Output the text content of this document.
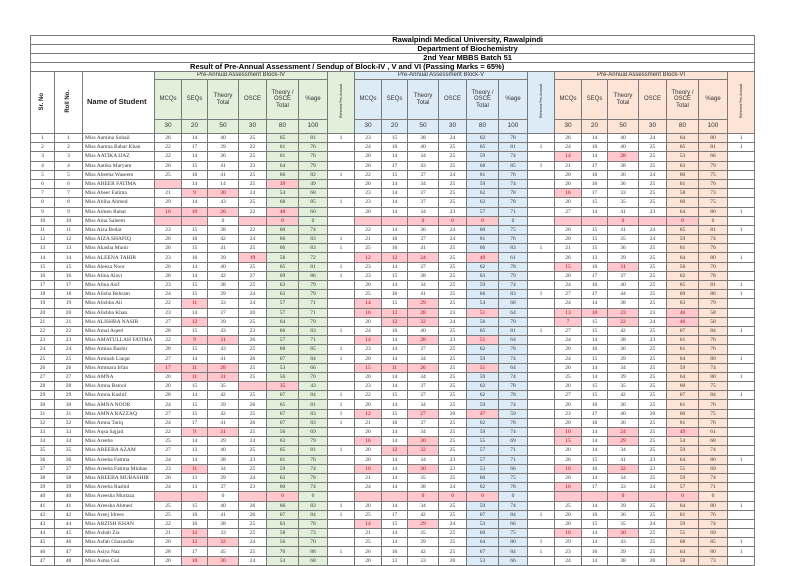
Rawalpindi Medical University, Rawalpindi																							
Department of Biochemistry																							
2nd Year MBBS Batch 51																							
Result of Pre-Annual Assessment / Sendup of Block-IV , V and VI (Passing Marks = 65%)																							
Sr. No	Roll No.	Name of Student	Pre-Annual Assessment Block-IV						Referred Pre-Annual	Pre-Annual Assessment Block-V						Referred Pre-Annual	Pre-Annual Assessment Block-VI						Referred Pre-Annual
			MCQs	SEQs	Theory Total	OSCE	Theory / OSCE Total	%age		MCQs	SEQs	Theory Total	OSCE	Theory / OSCE Total	%age		MCQs	SEQs	Theory Total	OSCE	Theory / OSCE Total	%age	
			30	20	50	30	80	100		30	20	50	30	80	100		30	20	50	30	80	100	
1	1	Miss Aamina Sohail	26	14	40	25	65	81	1	23	15	38	24	62	78		26	14	40	24	64	80	1
2	2	Miss Aamna Babar Khan	22	17	39	22	61	76		24	16	40	25	65	81	1	24	16	40	25	65	81	1
3	3	Miss AATIKA IJAZ	22	14	36	25	61	76		20	14	34	25	59	74		14	14	28	25	53	66	
4	4	Miss Aatika Maryam	26	15	41	23	64	79		26	17	43	25	68	85	1	21	17	38	25	63	79	
5	5	Miss Abeeha Waseem	25	16	41	25	66	82	1	22	15	37	24	61	76		20	16	36	24	60	75	
6	6	Miss ABEER FATIMA		14	14	25	39	49		20	14	34	25	59	74		20	16	36	25	61	76	
7	7	Miss Abeer Fatima	21	9	30	24	54	68		23	14	37	25	62	78		16	17	33	25	58	73	
8	8	Miss Abiha Ahmed	29	14	43	25	68	85	1	23	14	37	25	62	78		20	15	35	25	60	75	
9	9	Miss Aimen Rahat	16	10	26	22	48	60		20	14	34	23	57	71		27	14	41	23	64	80	1
10	10	Miss Aina Saleem			0		0	0				0	0	0	0				0		0	0	
11	11	Miss Aiza Bedar	23	15	38	22	60	74		22	14	36	24	60	75		26	15	41	24	65	81	1
12	12	Miss AIZA SHAFIQ	26	16	42	24	66	83	1	21	16	37	24	61	76		20	15	35	24	59	74	
13	13	Miss Akasha Munir	26	15	41	25	66	83	1	25	16	41	25	66	83	1	21	15	36	25	61	76	
14	14	Miss ALEENA TAHIR	23	16	39	19	58	72		12	12	24	25	49	61		26	13	39	25	64	80	1
15	15	Miss Aleeza Noor	26	14	40	25	65	81	1	23	14	37	25	62	78		15	16	31	25	56	70	
16	16	Miss Alina Alavi	28	14	42	27	69	86	1	23	15	38	25	63	79		20	17	37	25	62	78	
17	17	Miss Alina Asif	23	15	38	25	63	79		20	14	34	25	59	74		24	16	40	25	65	81	1
18	18	Miss Alisha Behram	24	15	39	24	63	79		25	16	41	25	66	83	1	27	17	44	25	69	86	1
19	19	Miss Alishba Ali	22	11	33	24	57	71		14	15	29	25	54	68		24	14	38	25	63	79	
20	20	Miss Alishba Khan	23	14	37	20	57	71		16	12	28	23	51	64		13	10	23	23	46	58	
21	21	Miss ALISHBA NASIR	27	12	39	25	64	79		20	12	32	24	56	70		7	15	22	24	46	58	
22	22	Miss Amal Aqeel	28	15	43	23	66	83	1	24	16	40	25	65	81	1	27	15	42	25	67	84	1
23	23	Miss AMATULLAH FATIMA	22	9	31	26	57	71		14	14	28	23	51	64		24	14	38	23	61	76	
24	24	Miss Amina Bashir	28	15	43	25	68	85	1	23	14	37	25	62	78		20	16	36	25	61	76	
25	25	Miss Aminah Liaqat	27	14	41	26	67	84	1	20	14	34	25	59	74		24	15	39	25	64	80	1
26	26	Miss Ammara Irfan	17	11	28	25	53	66		15	11	26	25	51	64		20	14	34	25	59	74	
27	27	Miss AMNA	20	11	31	25	56	70		20	14	34	25	59	74		25	14	39	25	64	80	1
28	28	Miss Amna Batool	20	15	35		35	43		23	14	37	25	62	78		20	15	35	25	60	75	
29	29	Miss Amna Kashif	28	14	42	25	67	84	1	22	15	37	25	62	78		27	15	42	25	67	84	1
30	30	Miss AMNA NOOR	24	15	39	26	65	81	1	20	14	34	25	59	74		20	16	36	25	61	76	
31	31	Miss AMNA RAZZAQ	27	15	42	25	67	83	1	12	15	27	20	47	59		23	17	40	20	60	75	
32	32	Miss Amna Tariq	24	17	41	26	67	83	1	21	16	37	25	62	78		20	16	36	25	61	76	
33	33	Miss Aqsa Sajjad	22	9	31	25	56	69		20	14	34	25	59	74		10	14	24	25	49	61	
34	34	Miss Areeba	25	14	39	24	63	79		16	14	30	25	55	69		15	14	29	25	54	68	
35	35	Miss AREEBA AZAM	27	13	40	25	65	81	1	20	12	32	25	57	71		20	14	34	25	59	74	
36	36	Miss Areeba Fatima	24	14	38	23	61	76		20	14	34	23	57	71		26	15	41	23	64	80	1
37	37	Miss Areeba Fatima Minhas	23	11	34	25	59	74		16	14	30	23	53	66		16	16	32	23	55	69	
38	38	Miss AREEBA MUBASHIR	26	13	39	24	63	78		21	14	35	25	60	75		20	14	34	25	59	74	
39	39	Miss Areeba Rashid	24	13	37	23	60	74		24	14	38	24	62	78		16	17	33	24	57	71	
40	40	Miss Areesha Murtaza			0		0	0				0	0	0	0				0		0	0	
41	41	Miss Areesha Ahmed	25	15	40	26	66	83	1	20	14	34	25	59	74		25	14	39	25	64	80	1
42	42	Miss Areej Idrees	25	16	41	26	67	84	1	25	17	42	25	67	84	1	20	16	36	25	61	76	
43	44	Miss ARZISH KHAN	22	16	38	25	63	78		14	15	29	24	53	66		20	15	35	24	59	74	
44	45	Miss Ashab Zia	21	12	33	25	58	73		21	14	35	25	60	75		16	14	30	25	55	69	
45	46	Miss Asfah Ghazanfar	20	12	32	24	56	70		25	14	39	25	64	80	1	29	14	43	25	68	85	1
46	47	Miss Asiya Naz	28	17	45	25	70	88	1	26	16	42	25	67	84	1	23	16	39	25	64	80	1
47	48	Miss Asma Gul	20	10	30	24	54	68		20	13	33	20	53	66		24	14	38	20	58	73	
